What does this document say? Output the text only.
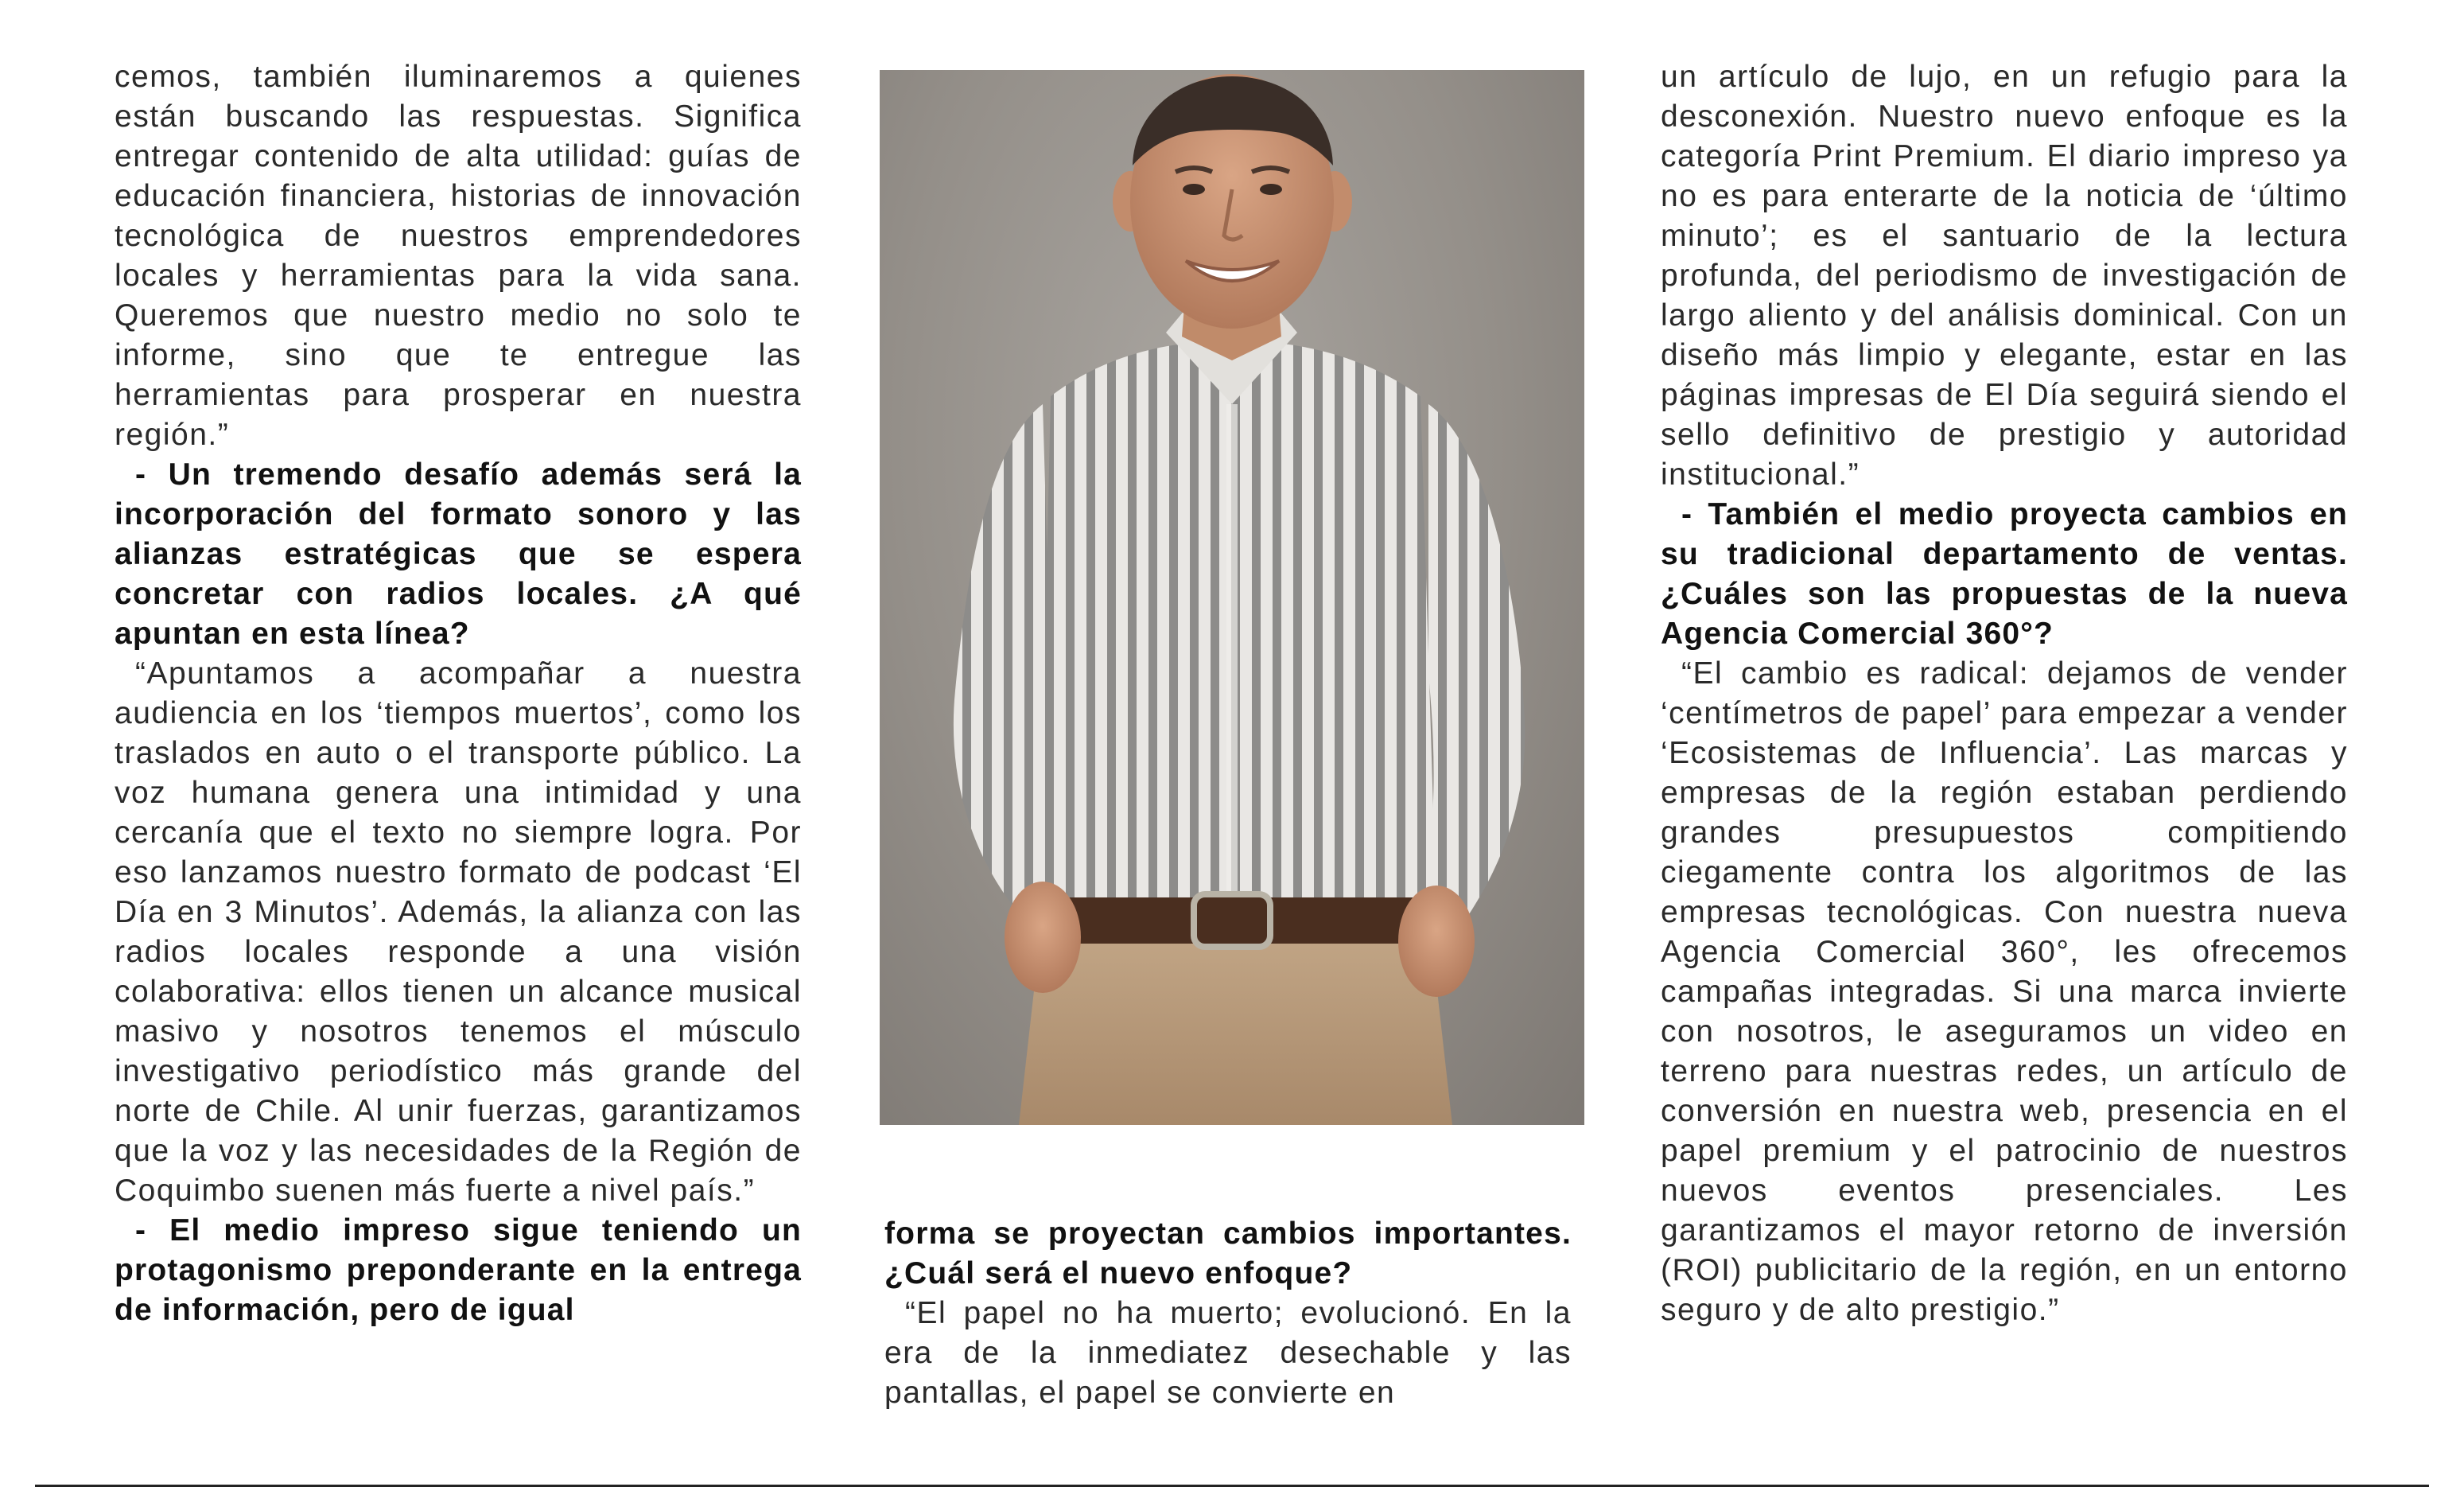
cemos, también iluminaremos a quienes están buscando las respuestas. Significa entregar contenido de alta utilidad: guías de educación financiera, historias de innovación tecnológica de nuestros emprendedores locales y herramientas para la vida sana. Queremos que nuestro medio no solo te informe, sino que te entregue las herramientas para prosperar en nuestra región.”

- Un tremendo desafío además será la incorporación del formato sonoro y las alianzas estratégicas que se espera concretar con radios locales. ¿A qué apuntan en esta línea?

“Apuntamos a acompañar a nuestra audiencia en los ‘tiempos muertos’, como los traslados en auto o el transporte público. La voz humana genera una intimidad y una cercanía que el texto no siempre logra. Por eso lanzamos nuestro formato de podcast ‘El Día en 3 Minutos’. Además, la alianza con las radios locales responde a una visión colaborativa: ellos tienen un alcance musical masivo y nosotros tenemos el músculo investigativo periodístico más grande del norte de Chile. Al unir fuerzas, garantizamos que la voz y las necesidades de la Región de Coquimbo suenen más fuerte a nivel país.”

- El medio impreso sigue teniendo un protagonismo preponderante en la entrega de información, pero de igual

forma se proyectan cambios importantes. ¿Cuál será el nuevo enfoque?

“El papel no ha muerto; evolucionó. En la era de la inmediatez desechable y las pantallas, el papel se convierte en

un artículo de lujo, en un refugio para la desconexión. Nuestro nuevo enfoque es la categoría Print Premium. El diario impreso ya no es para enterarte de la noticia de ‘último minuto’; es el santuario de la lectura profunda, del periodismo de investigación de largo aliento y del análisis dominical. Con un diseño más limpio y elegante, estar en las páginas impresas de El Día seguirá siendo el sello definitivo de prestigio y autoridad institucional.”

- También el medio proyecta cambios en su tradicional departamento de ventas. ¿Cuáles son las propuestas de la nueva Agencia Comercial 360°?

“El cambio es radical: dejamos de vender ‘centímetros de papel’ para empezar a vender ‘Ecosistemas de Influencia’. Las marcas y empresas de la región estaban perdiendo grandes presupuestos compitiendo ciegamente contra los algoritmos de las empresas tecnológicas. Con nuestra nueva Agencia Comercial 360°, les ofrecemos campañas integradas. Si una marca invierte con nosotros, le aseguramos un video en terreno para nuestras redes, un artículo de conversión en nuestra web, presencia en el papel premium y el patrocinio de nuestros nuevos eventos presenciales. Les garantizamos el mayor retorno de inversión (ROI) publicitario de la región, en un entorno seguro y de alto prestigio.”
